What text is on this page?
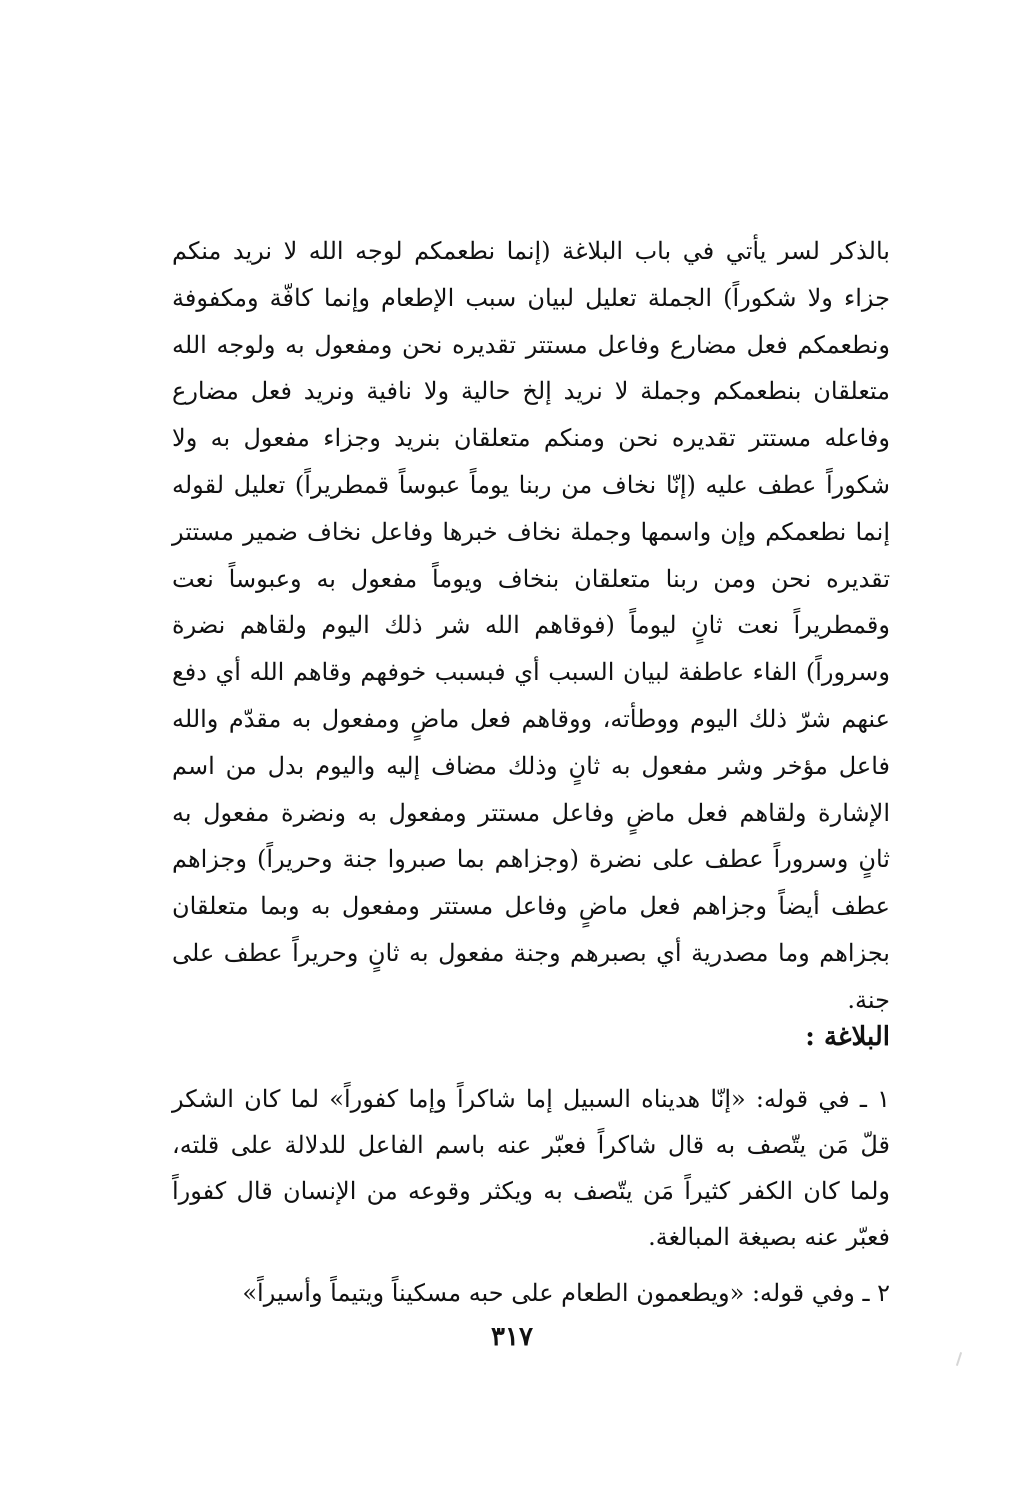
بالذكر لسر يأتي في باب البلاغة (إنما نطعمكم لوجه الله لا نريد منكم جزاء ولا شكوراً) الجملة تعليل لبيان سبب الإطعام وإنما كافّة ومكفوفة ونطعمكم فعل مضارع وفاعل مستتر تقديره نحن ومفعول به ولوجه الله متعلقان بنطعمكم وجملة لا نريد إلخ حالية ولا نافية ونريد فعل مضارع وفاعله مستتر تقديره نحن ومنكم متعلقان بنريد وجزاء مفعول به ولا شكوراً عطف عليه (إنّا نخاف من ربنا يوماً عبوساً قمطريراً) تعليل لقوله إنما نطعمكم وإن واسمها وجملة نخاف خبرها وفاعل نخاف ضمير مستتر تقديره نحن ومن ربنا متعلقان بنخاف ويوماً مفعول به وعبوساً نعت وقمطريراً نعت ثانٍ ليوماً (فوقاهم الله شر ذلك اليوم ولقاهم نضرة وسروراً) الفاء عاطفة لبيان السبب أي فبسبب خوفهم وقاهم الله أي دفع عنهم شرّ ذلك اليوم ووطأته، ووقاهم فعل ماضٍ ومفعول به مقدّم والله فاعل مؤخر وشر مفعول به ثانٍ وذلك مضاف إليه واليوم بدل من اسم الإشارة ولقاهم فعل ماضٍ وفاعل مستتر ومفعول به ونضرة مفعول به ثانٍ وسروراً عطف على نضرة (وجزاهم بما صبروا جنة وحريراً) وجزاهم عطف أيضاً وجزاهم فعل ماضٍ وفاعل مستتر ومفعول به وبما متعلقان بجزاهم وما مصدرية أي بصبرهم وجنة مفعول به ثانٍ وحريراً عطف على جنة.

البلاغة :

١ ـ في قوله: «إنّا هديناه السبيل إما شاكراً وإما كفوراً» لما كان الشكر قلّ مَن يتّصف به قال شاكراً فعبّر عنه باسم الفاعل للدلالة على قلته، ولما كان الكفر كثيراً مَن يتّصف به ويكثر وقوعه من الإنسان قال كفوراً فعبّر عنه بصيغة المبالغة.

٢ ـ وفي قوله: «ويطعمون الطعام على حبه مسكيناً ويتيماً وأسيراً»

٣١٧
